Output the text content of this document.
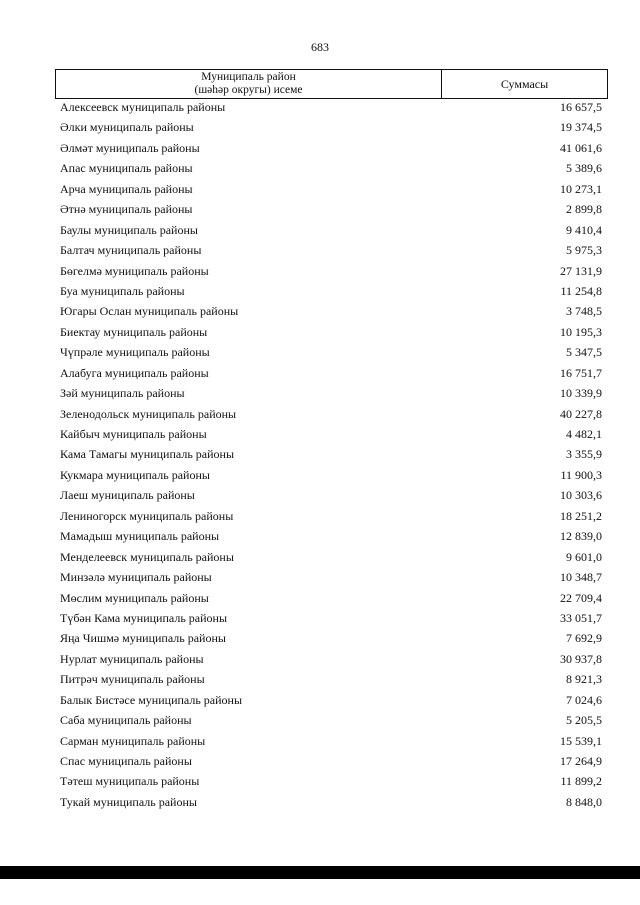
683
Муниципаль район
(шәһәр округы) исеме	Суммасы
Алексеевск муниципаль районы	16 657,5
Әлки муниципаль районы	19 374,5
Әлмәт муниципаль районы	41 061,6
Апас муниципаль районы	5 389,6
Арча муниципаль районы	10 273,1
Әтнә муниципаль районы	2 899,8
Баулы муниципаль районы	9 410,4
Балтач муниципаль районы	5 975,3
Бөгелмә муниципаль районы	27 131,9
Буа муниципаль районы	11 254,8
Югары Ослан муниципаль районы	3 748,5
Биектау муниципаль районы	10 195,3
Чүпрәле муниципаль районы	5 347,5
Алабуга муниципаль районы	16 751,7
Зәй муниципаль районы	10 339,9
Зеленодольск муниципаль районы	40 227,8
Кайбыч муниципаль районы	4 482,1
Кама Тамагы муниципаль районы	3 355,9
Кукмара муниципаль районы	11 900,3
Лаеш муниципаль районы	10 303,6
Лениногорск муниципаль районы	18 251,2
Мамадыш муниципаль районы	12 839,0
Менделеевск муниципаль районы	9 601,0
Минзәлә муниципаль районы	10 348,7
Мөслим муниципаль районы	22 709,4
Түбән Кама муниципаль районы	33 051,7
Яңа Чишмә муниципаль районы	7 692,9
Нурлат муниципаль районы	30 937,8
Питрәч муниципаль районы	8 921,3
Балык Бистәсе муниципаль районы	7 024,6
Саба муниципаль районы	5 205,5
Сарман муниципаль районы	15 539,1
Спас муниципаль районы	17 264,9
Тәтеш муниципаль районы	11 899,2
Тукай муниципаль районы	8 848,0
